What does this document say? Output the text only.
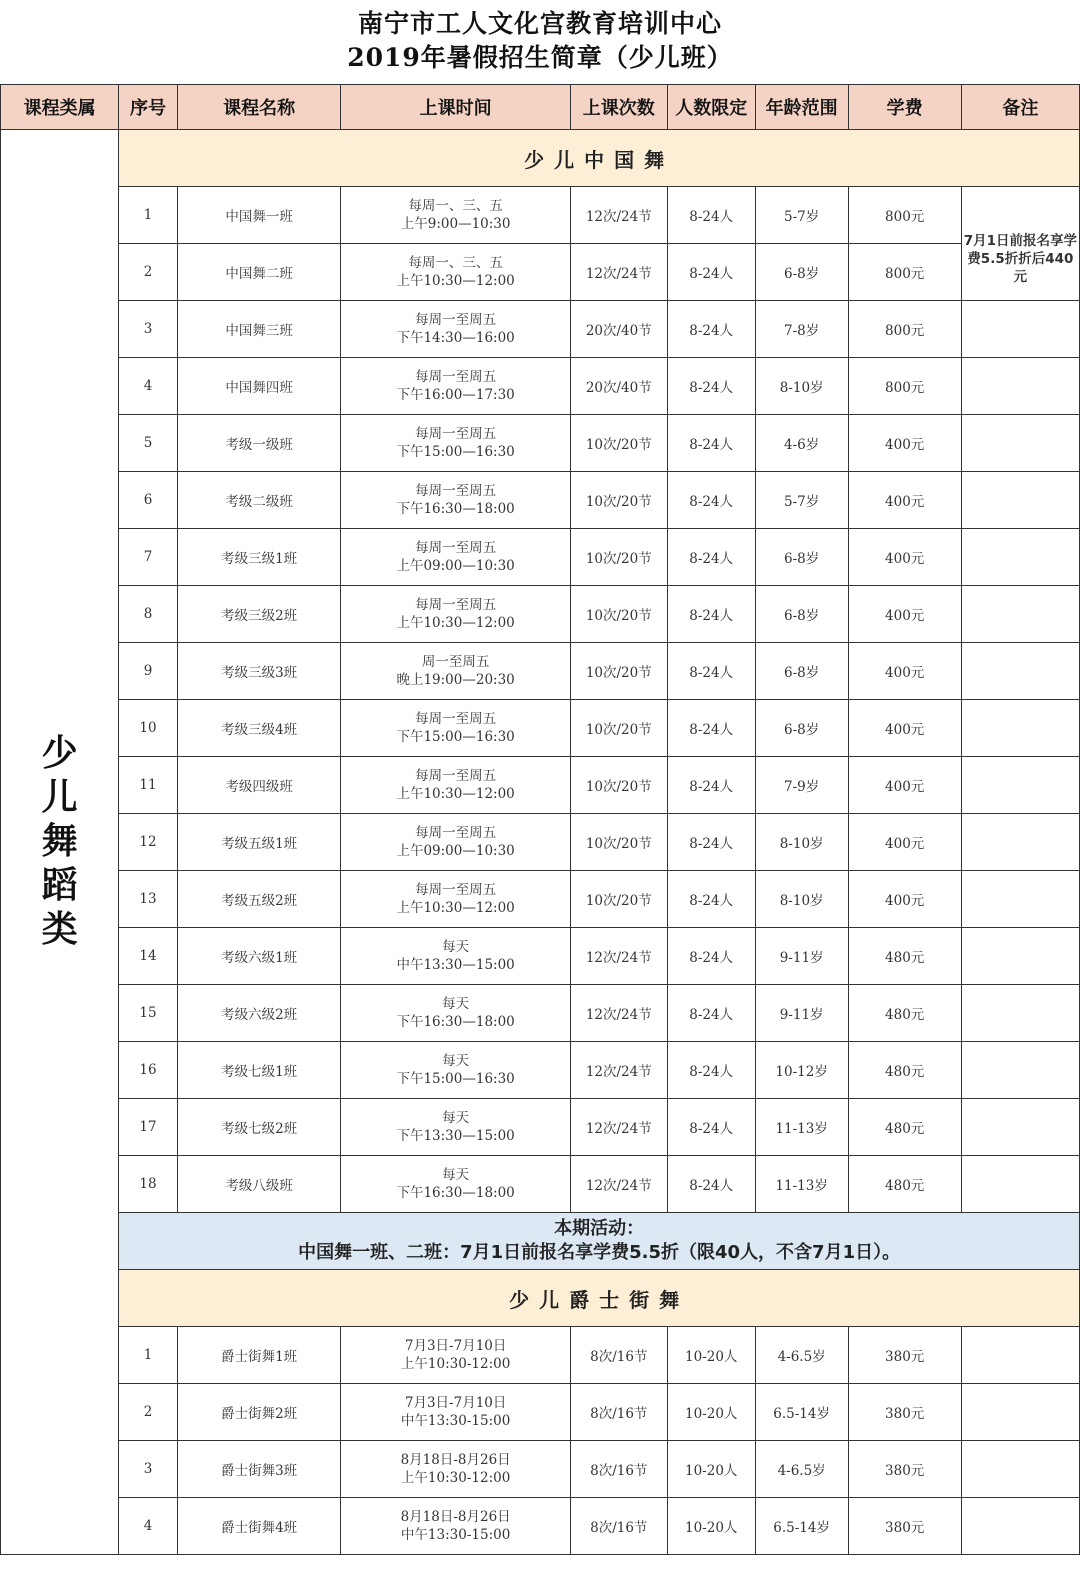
南宁市工人文化宫教育培训中心
2019年暑假招生简章（少儿班）
课程类属	序号	课程名称	上课时间	上课次数	人数限定	年龄范围	学费	备注
少儿舞蹈类	少儿中国舞							
	1	中国舞一班	每周一、三、五
上午9:00—10:30	12次/24节	8-24人	5-7岁	800元	7月1日前报名享学费5.5折折后440元
	2	中国舞二班	每周一、三、五
上午10:30—12:00	12次/24节	8-24人	6-8岁	800元	
	3	中国舞三班	每周一至周五
下午14:30—16:00	20次/40节	8-24人	7-8岁	800元	
	4	中国舞四班	每周一至周五
下午16:00—17:30	20次/40节	8-24人	8-10岁	800元	
	5	考级一级班	每周一至周五
下午15:00—16:30	10次/20节	8-24人	4-6岁	400元	
	6	考级二级班	每周一至周五
下午16:30—18:00	10次/20节	8-24人	5-7岁	400元	
	7	考级三级1班	每周一至周五
上午09:00—10:30	10次/20节	8-24人	6-8岁	400元	
	8	考级三级2班	每周一至周五
上午10:30—12:00	10次/20节	8-24人	6-8岁	400元	
	9	考级三级3班	周一至周五
晚上19:00—20:30	10次/20节	8-24人	6-8岁	400元	
	10	考级三级4班	每周一至周五
下午15:00—16:30	10次/20节	8-24人	6-8岁	400元	
	11	考级四级班	每周一至周五
上午10:30—12:00	10次/20节	8-24人	7-9岁	400元	
	12	考级五级1班	每周一至周五
上午09:00—10:30	10次/20节	8-24人	8-10岁	400元	
	13	考级五级2班	每周一至周五
上午10:30—12:00	10次/20节	8-24人	8-10岁	400元	
	14	考级六级1班	每天
中午13:30—15:00	12次/24节	8-24人	9-11岁	480元	
	15	考级六级2班	每天
下午16:30—18:00	12次/24节	8-24人	9-11岁	480元	
	16	考级七级1班	每天
下午15:00—16:30	12次/24节	8-24人	10-12岁	480元	
	17	考级七级2班	每天
下午13:30—15:00	12次/24节	8-24人	11-13岁	480元	
	18	考级八级班	每天
下午16:30—18:00	12次/24节	8-24人	11-13岁	480元	

	本期活动：
中国舞一班、二班：7月1日前报名享学费5.5折（限40人，不含7月1日）。							

	少儿爵士街舞							
	1	爵士街舞1班	7月3日-7月10日
上午10:30-12:00	8次/16节	10-20人	4-6.5岁	380元	
	2	爵士街舞2班	7月3日-7月10日
中午13:30-15:00	8次/16节	10-20人	6.5-14岁	380元	
	3	爵士街舞3班	8月18日-8月26日
上午10:30-12:00	8次/16节	10-20人	4-6.5岁	380元	
	4	爵士街舞4班	8月18日-8月26日
中午13:30-15:00	8次/16节	10-20人	6.5-14岁	380元	
